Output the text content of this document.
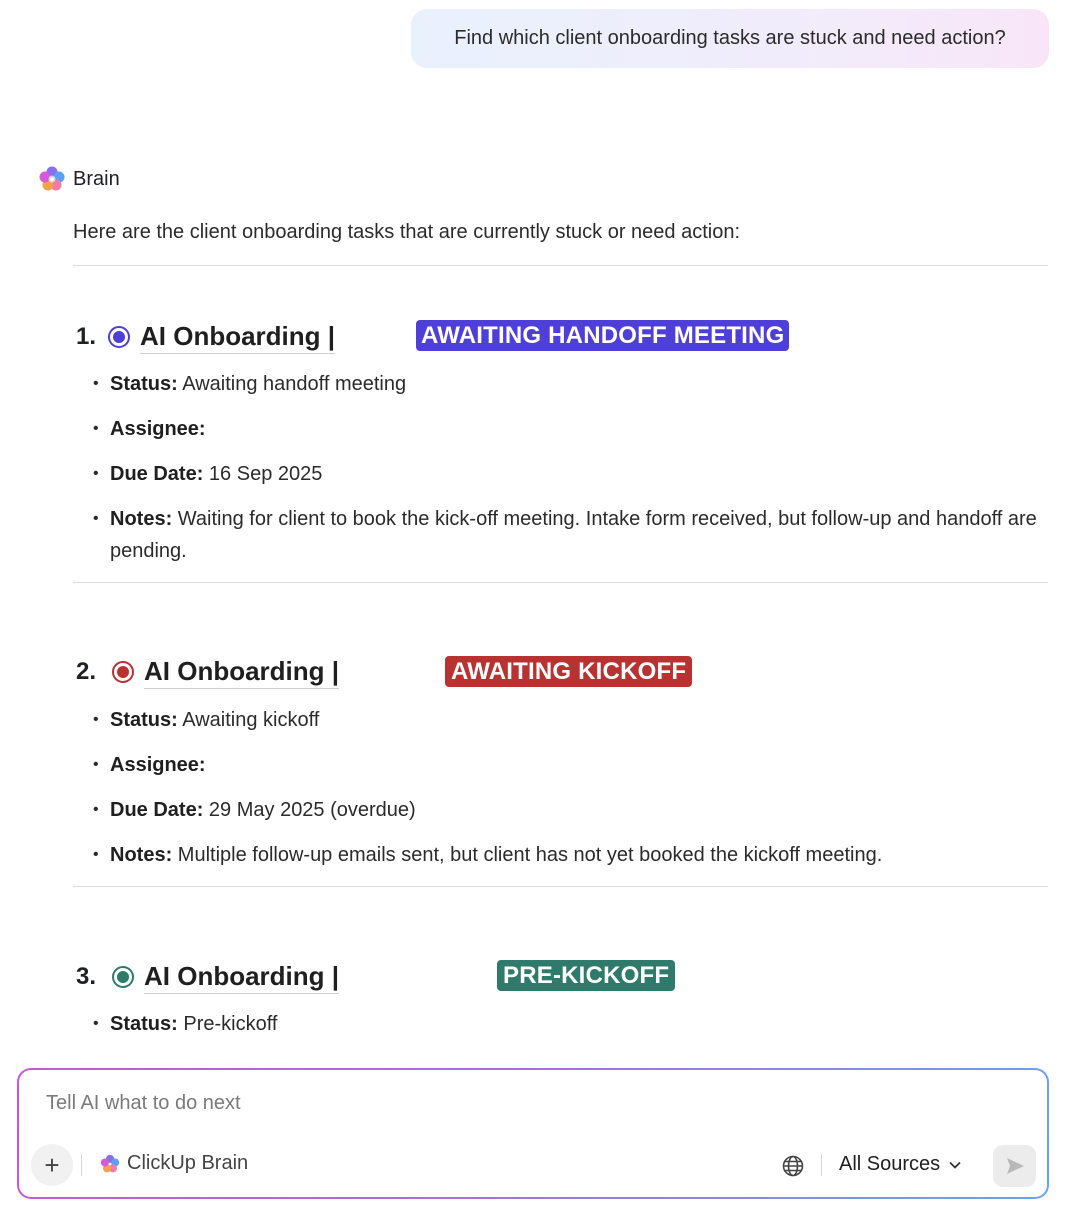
Find which client onboarding tasks are stuck and need action?
Brain
Here are the client onboarding tasks that are currently stuck or need action:
1.	AI Onboarding |	AWAITING HANDOFF MEETING
• Status: Awaiting handoff meeting
• Assignee:
• Due Date: 16 Sep 2025
• Notes: Waiting for client to book the kick-off meeting. Intake form received, but follow-up and handoff are pending.
2.	AI Onboarding |	AWAITING KICKOFF
• Status: Awaiting kickoff
• Assignee:
• Due Date: 29 May 2025 (overdue)
• Notes: Multiple follow-up emails sent, but client has not yet booked the kickoff meeting.
3.	AI Onboarding |	PRE-KICKOFF
• Status: Pre-kickoff
Tell AI what to do next
+	ClickUp Brain	All Sources
